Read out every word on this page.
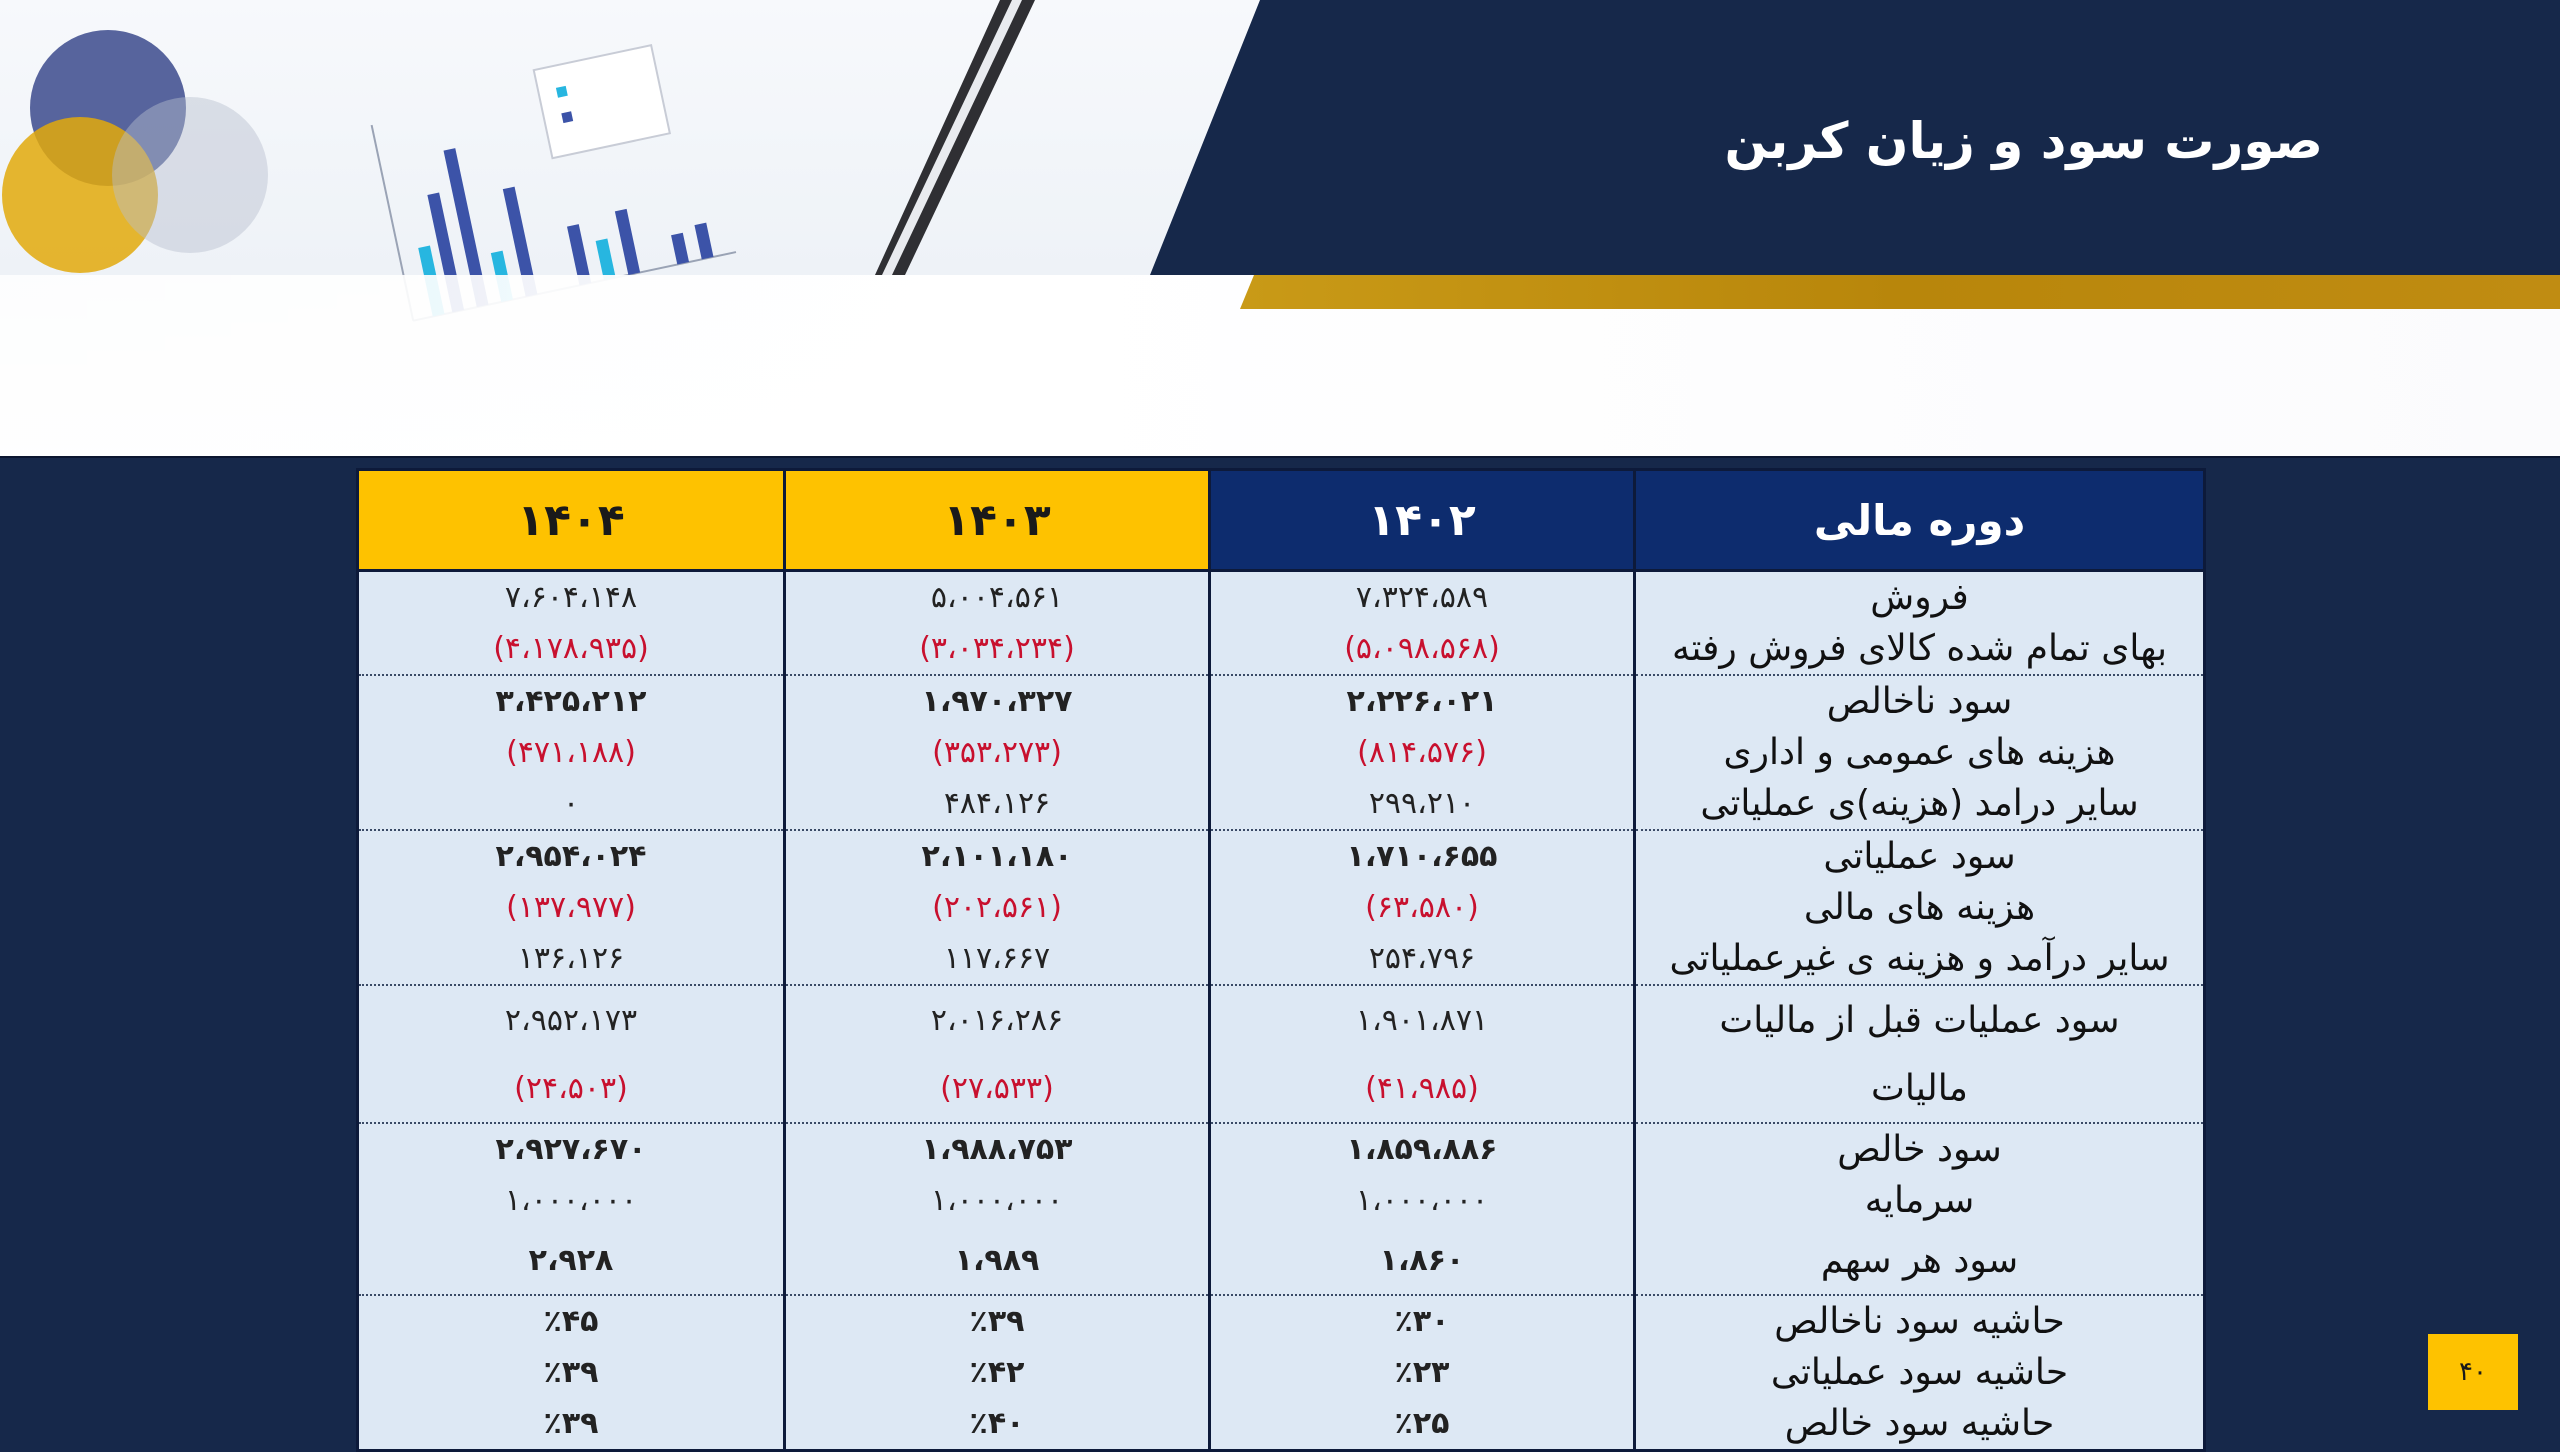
صورت سود و زیان کربن
دوره مالی	۱۴۰۲	۱۴۰۳	۱۴۰۴
فروش	۷،۳۲۴،۵۸۹	۵،۰۰۴،۵۶۱	۷،۶۰۴،۱۴۸
بهای تمام شده کالای فروش رفته	(۵،۰۹۸،۵۶۸)	(۳،۰۳۴،۲۳۴)	(۴،۱۷۸،۹۳۵)
سود ناخالص	۲،۲۲۶،۰۲۱	۱،۹۷۰،۳۲۷	۳،۴۲۵،۲۱۲
هزینه های عمومی و اداری	(۸۱۴،۵۷۶)	(۳۵۳،۲۷۳)	(۴۷۱،۱۸۸)
سایر درامد (هزینه)ی عملیاتی	۲۹۹،۲۱۰	۴۸۴،۱۲۶	۰
سود عملیاتی	۱،۷۱۰،۶۵۵	۲،۱۰۱،۱۸۰	۲،۹۵۴،۰۲۴
هزینه های مالی	(۶۳،۵۸۰)	(۲۰۲،۵۶۱)	(۱۳۷،۹۷۷)
سایر درآمد و هزینه ی غیرعملیاتی	۲۵۴،۷۹۶	۱۱۷،۶۶۷	۱۳۶،۱۲۶
سود عملیات قبل از مالیات	۱،۹۰۱،۸۷۱	۲،۰۱۶،۲۸۶	۲،۹۵۲،۱۷۳
مالیات	(۴۱،۹۸۵)	(۲۷،۵۳۳)	(۲۴،۵۰۳)
سود خالص	۱،۸۵۹،۸۸۶	۱،۹۸۸،۷۵۳	۲،۹۲۷،۶۷۰
سرمایه	۱،۰۰۰،۰۰۰	۱،۰۰۰،۰۰۰	۱،۰۰۰،۰۰۰
سود هر سهم	۱،۸۶۰	۱،۹۸۹	۲،۹۲۸
حاشیه سود ناخالص	٪۳۰	٪۳۹	٪۴۵
حاشیه سود عملیاتی	٪۲۳	٪۴۲	٪۳۹
حاشیه سود خالص	٪۲۵	٪۴۰	٪۳۹
۴۰
